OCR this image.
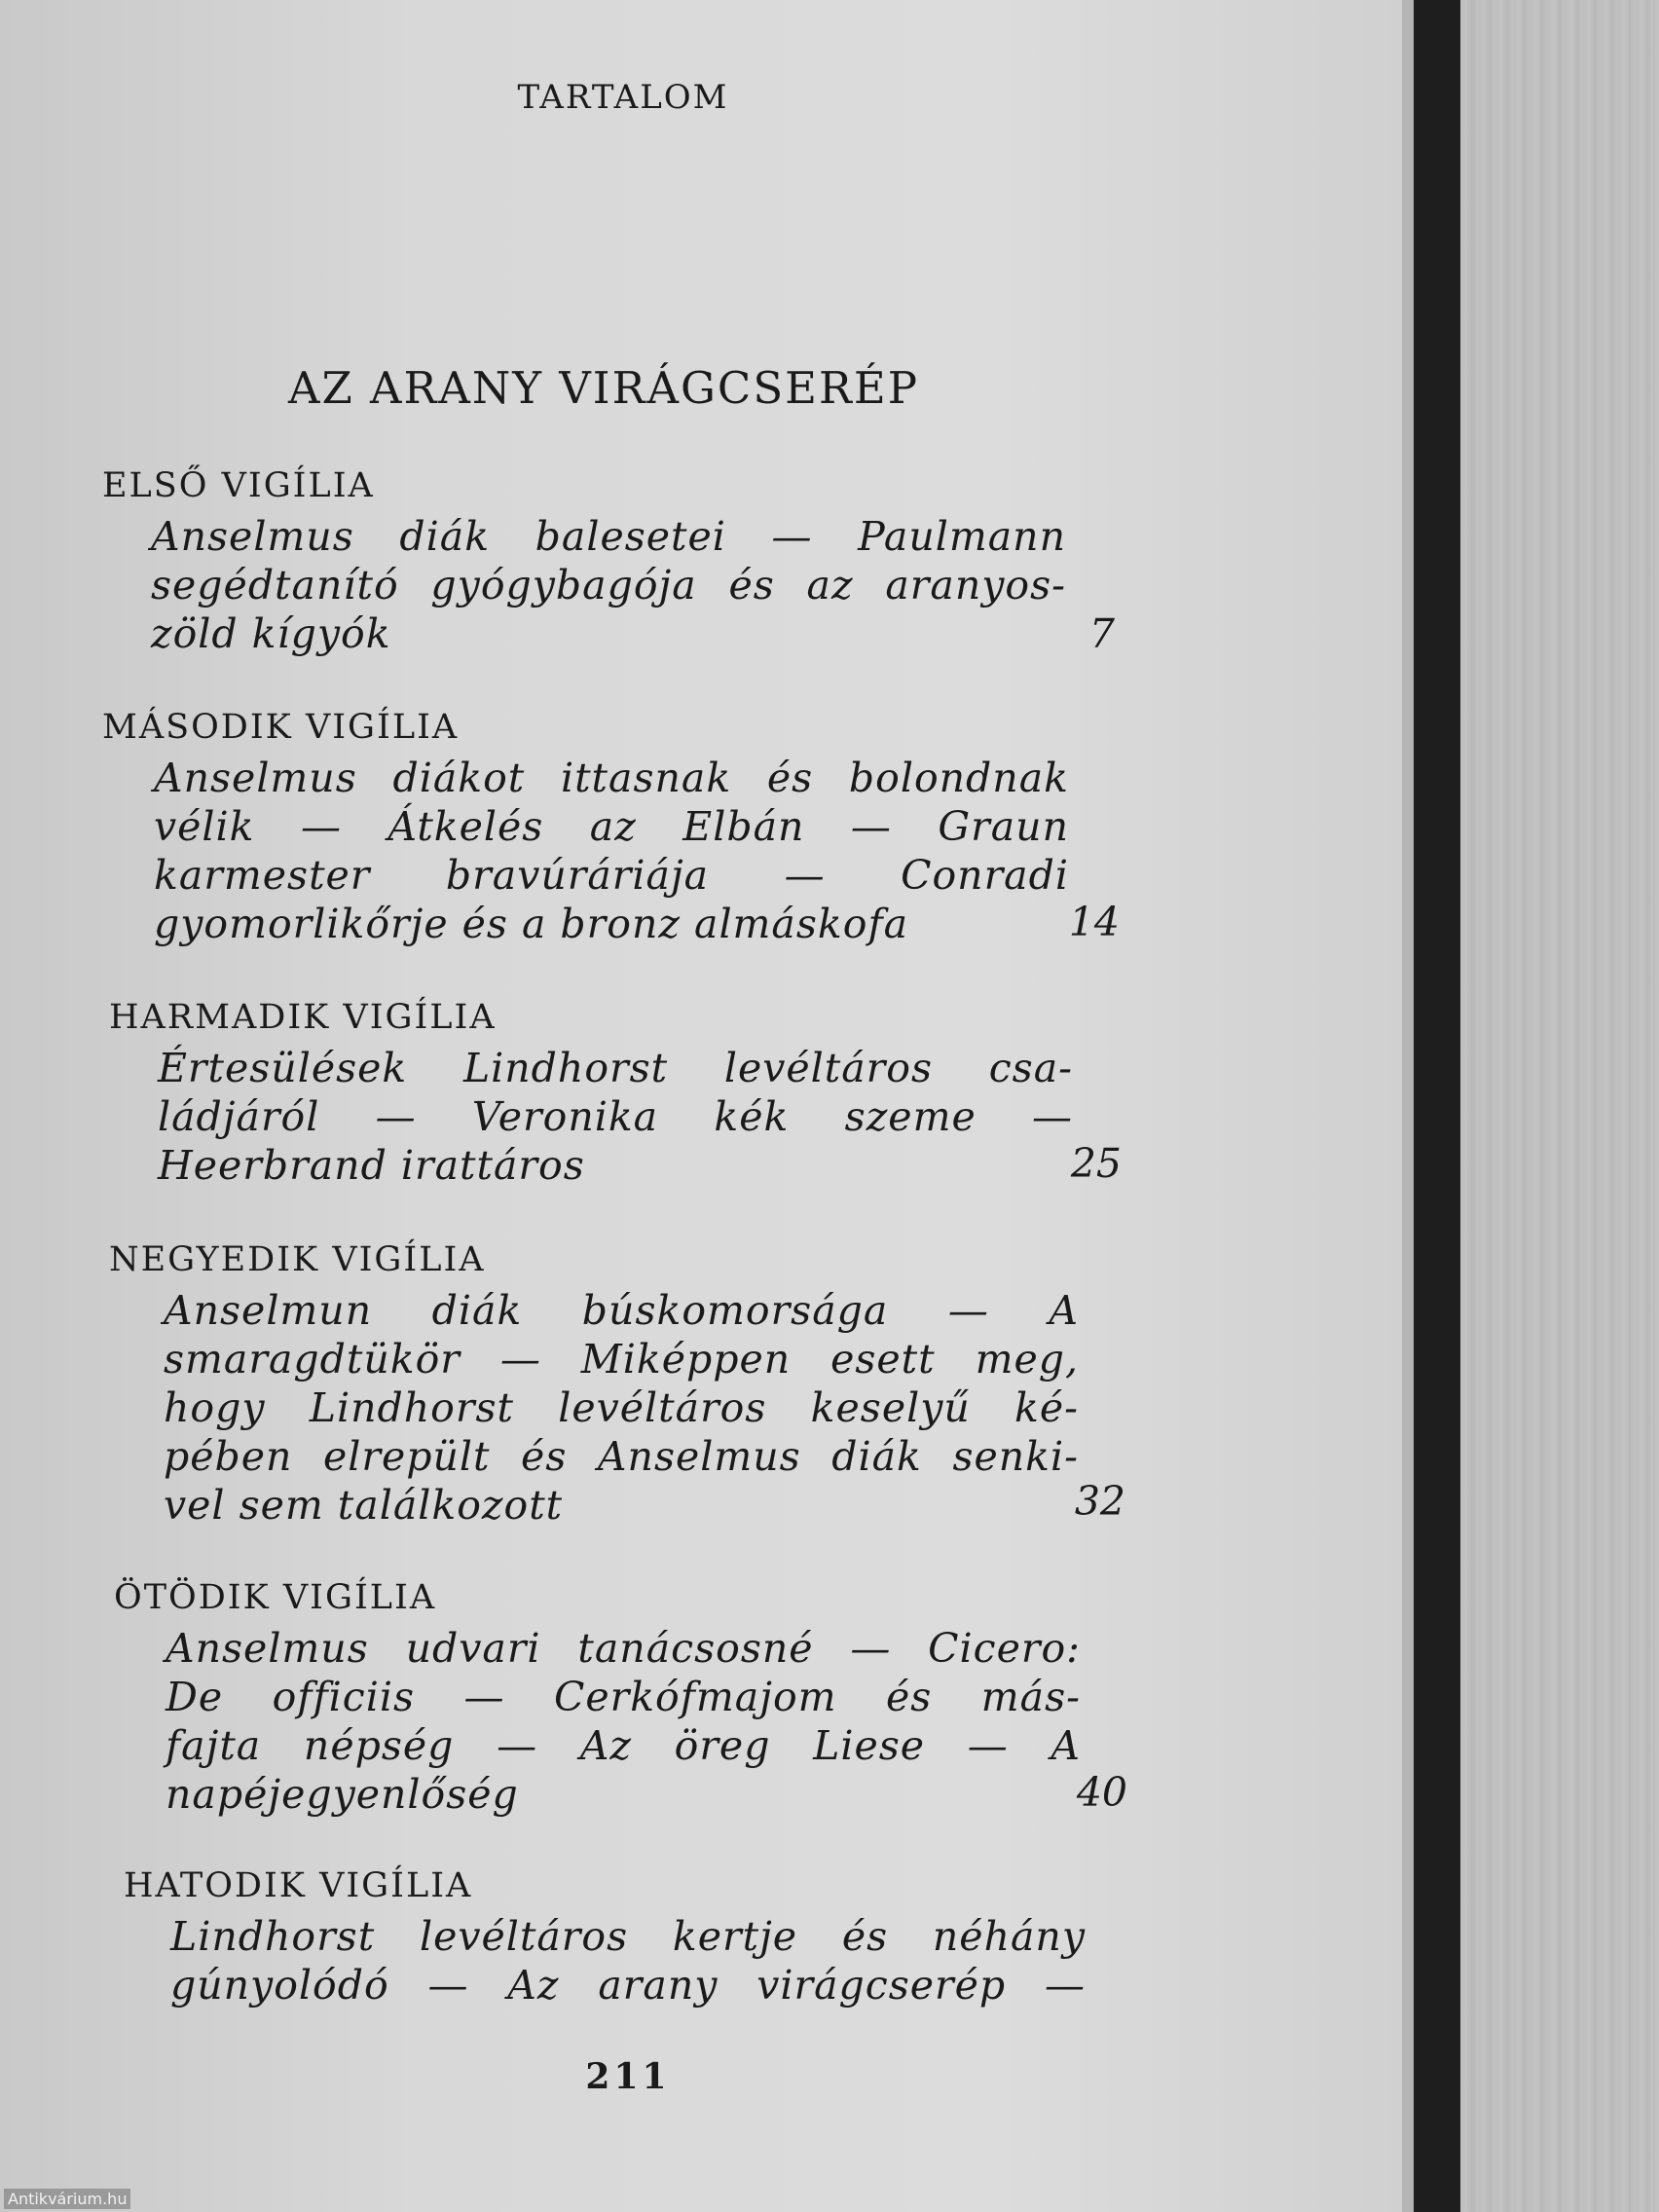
TARTALOM
AZ ARANY VIRÁGCSERÉP
ELSŐ VIGÍLIA
Anselmus diák balesetei — Paulmann
segédtanító gyógybagója és az aranyos-
zöld kígyók	7
MÁSODIK VIGÍLIA
Anselmus diákot ittasnak és bolondnak
vélik — Átkelés az Elbán — Graun
karmester bravúráriája — Conradi
gyomorlikőrje és a bronz almáskofa	14
HARMADIK VIGÍLIA
Értesülések Lindhorst levéltáros csa-
ládjáról — Veronika kék szeme —
Heerbrand irattáros	25
NEGYEDIK VIGÍLIA
Anselmun diák búskomorsága — A
smaragdtükör — Miképpen esett meg,
hogy Lindhorst levéltáros keselyű ké-
pében elrepült és Anselmus diák senki-
vel sem találkozott	32
ÖTÖDIK VIGÍLIA
Anselmus udvari tanácsosné — Cicero:
De officiis — Cerkófmajom és más-
fajta népség — Az öreg Liese — A
napéjegyenlőség	40
HATODIK VIGÍLIA
Lindhorst levéltáros kertje és néhány
gúnyolódó — Az arany virágcserép —
211
Antikvárium.hu
